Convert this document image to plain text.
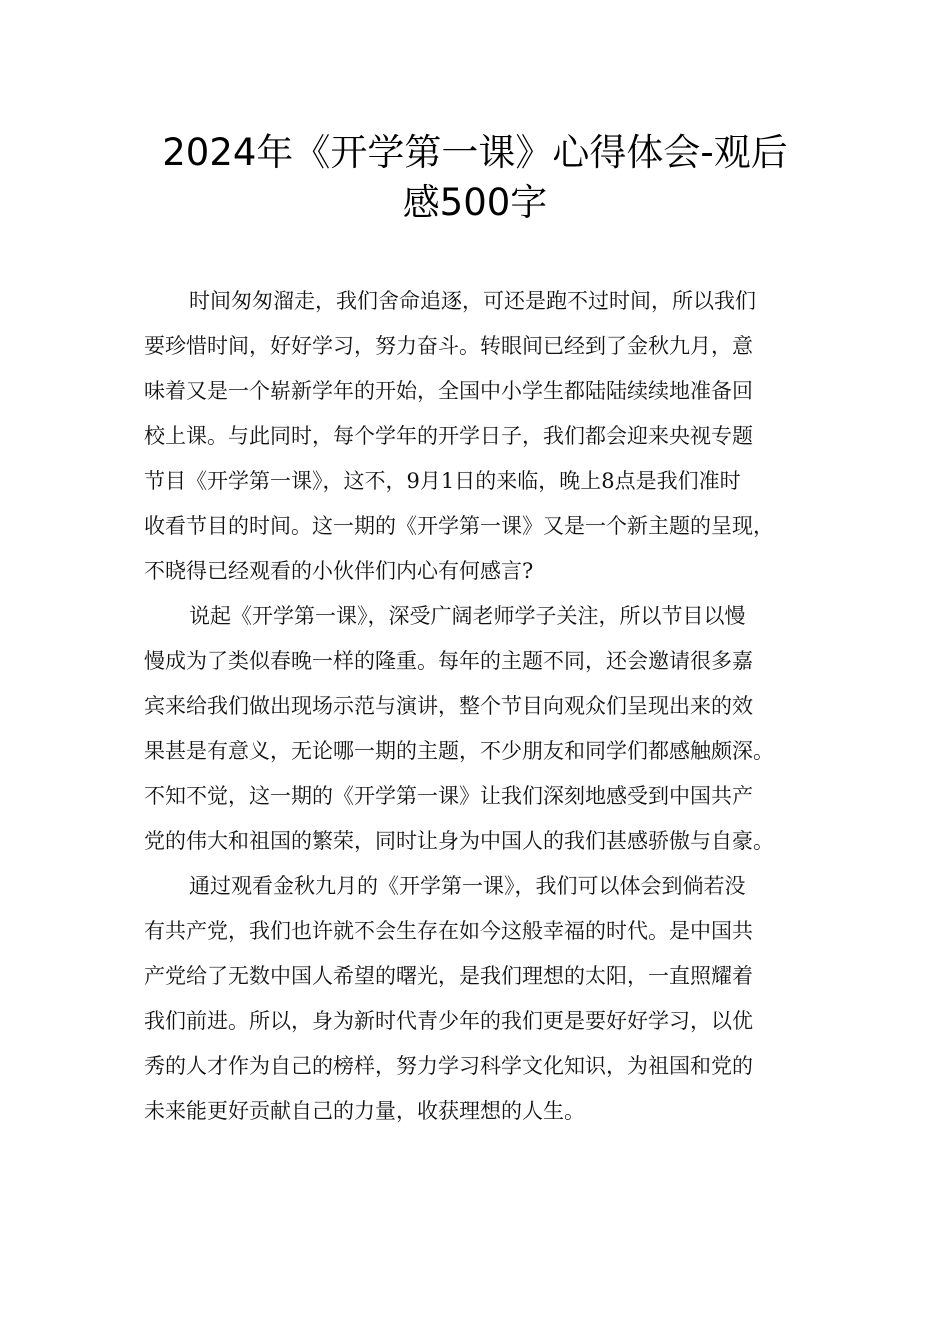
2024年《开学第一课》心得体会-观后
感500字
时间匆匆溜走，我们舍命追逐，可还是跑不过时间，所以我们
要珍惜时间，好好学习，努力奋斗。转眼间已经到了金秋九月，意
味着又是一个崭新学年的开始，全国中小学生都陆陆续续地准备回
校上课。与此同时，每个学年的开学日子，我们都会迎来央视专题
节目《开学第一课》，这不，9月1日的来临，晚上8点是我们准时
收看节目的时间。这一期的《开学第一课》又是一个新主题的呈现，
不晓得已经观看的小伙伴们内心有何感言?
说起《开学第一课》，深受广阔老师学子关注，所以节目以慢
慢成为了类似春晚一样的隆重。每年的主题不同，还会邀请很多嘉
宾来给我们做出现场示范与演讲，整个节目向观众们呈现出来的效
果甚是有意义，无论哪一期的主题，不少朋友和同学们都感触颇深。
不知不觉，这一期的《开学第一课》让我们深刻地感受到中国共产
党的伟大和祖国的繁荣，同时让身为中国人的我们甚感骄傲与自豪。
通过观看金秋九月的《开学第一课》，我们可以体会到倘若没
有共产党，我们也许就不会生存在如今这般幸福的时代。是中国共
产党给了无数中国人希望的曙光，是我们理想的太阳，一直照耀着
我们前进。所以，身为新时代青少年的我们更是要好好学习，以优
秀的人才作为自己的榜样，努力学习科学文化知识，为祖国和党的
未来能更好贡献自己的力量，收获理想的人生。
